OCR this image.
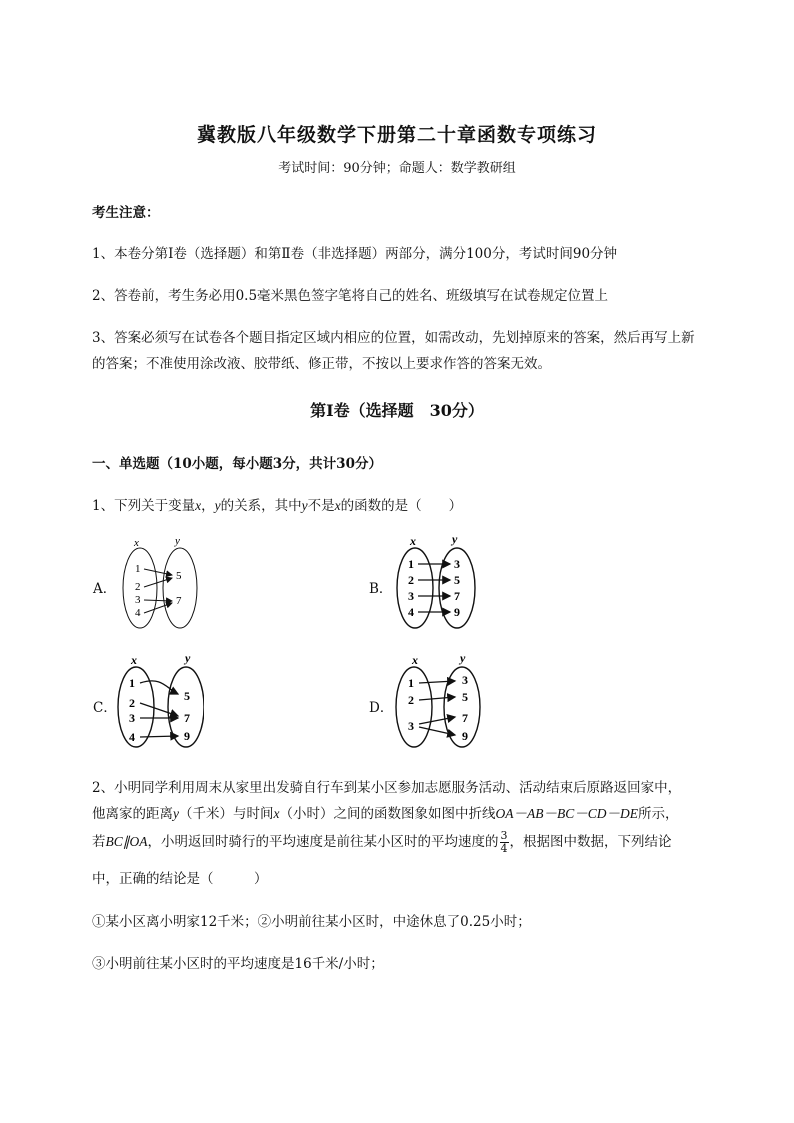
冀教版八年级数学下册第二十章函数专项练习
考试时间：90分钟；命题人：数学教研组
考生注意：
1、本卷分第Ⅰ卷（选择题）和第Ⅱ卷（非选择题）两部分，满分100分，考试时间90分钟
2、答卷前，考生务必用0.5毫米黑色签字笔将自己的姓名、班级填写在试卷规定位置上
3、答案必须写在试卷各个题目指定区域内相应的位置，如需改动，先划掉原来的答案，然后再写上新
的答案；不准使用涂改液、胶带纸、修正带，不按以上要求作答的答案无效。
第Ⅰ卷（选择题　30分）
一、单选题（10小题，每小题3分，共计30分）
1、下列关于变量x，y的关系，其中y不是x的函数的是（　　）
A．
x	y
1
2
3
4
5
7
B．
x	y
1
2
3
4
3
5
7
9
C．
x	y
1
2
3
4
5
7
9
D．
x	y
1
2
3
3
5
7
9
2、小明同学利用周末从家里出发骑自行车到某小区参加志愿服务活动、活动结束后原路返回家中，
他离家的距离y（千米）与时间x（小时）之间的函数图象如图中折线OA－AB－BC－CD－DE所示，
若BC∥OA，小明返回时骑行的平均速度是前往某小区时的平均速度的 $\frac{3}{4}$ ，根据图中数据，下列结论
中，正确的结论是（　　　）
①某小区离小明家12千米；②小明前往某小区时，中途休息了0.25小时；
③小明前往某小区时的平均速度是16千米/小时；
